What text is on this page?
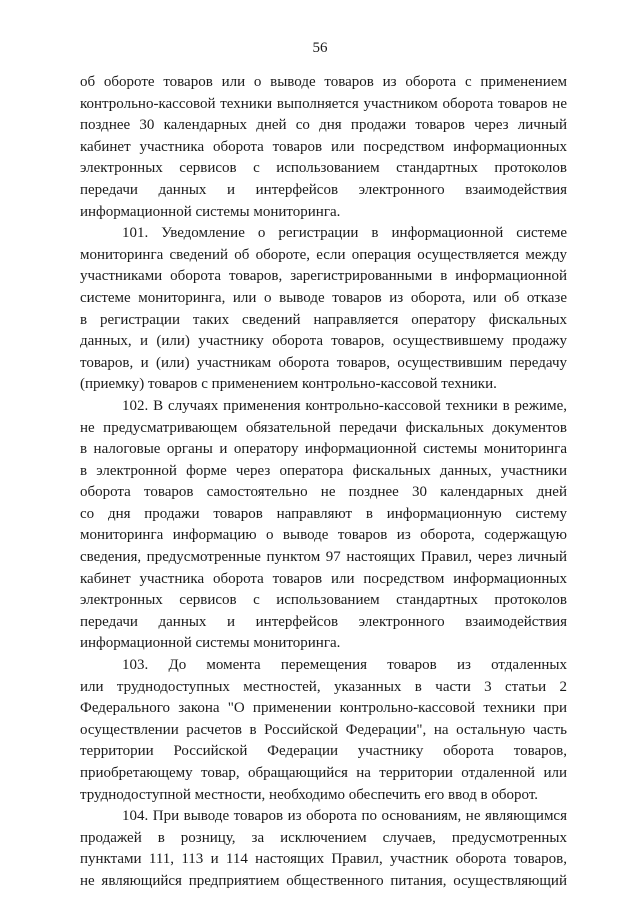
56
об обороте товаров или о выводе товаров из оборота с применением
контрольно-кассовой техники выполняется участником оборота товаров не
позднее 30 календарных дней со дня продажи товаров через личный
кабинет участника оборота товаров или посредством информационных
электронных сервисов с использованием стандартных протоколов
передачи данных и интерфейсов электронного взаимодействия
информационной системы мониторинга.
101. Уведомление о регистрации в информационной системе
мониторинга сведений об обороте, если операция осуществляется между
участниками оборота товаров, зарегистрированными в информационной
системе мониторинга, или о выводе товаров из оборота, или об отказе
в регистрации таких сведений направляется оператору фискальных
данных, и (или) участнику оборота товаров, осуществившему продажу
товаров, и (или) участникам оборота товаров, осуществившим передачу
(приемку) товаров с применением контрольно-кассовой техники.
102. В случаях применения контрольно-кассовой техники в режиме,
не предусматривающем обязательной передачи фискальных документов
в налоговые органы и оператору информационной системы мониторинга
в электронной форме через оператора фискальных данных, участники
оборота товаров самостоятельно не позднее 30 календарных дней
со дня продажи товаров направляют в информационную систему
мониторинга информацию о выводе товаров из оборота, содержащую
сведения, предусмотренные пунктом 97 настоящих Правил, через личный
кабинет участника оборота товаров или посредством информационных
электронных сервисов с использованием стандартных протоколов
передачи данных и интерфейсов электронного взаимодействия
информационной системы мониторинга.
103. До момента перемещения товаров из отдаленных
или труднодоступных местностей, указанных в части 3 статьи 2
Федерального закона "О применении контрольно-кассовой техники при
осуществлении расчетов в Российской Федерации", на остальную часть
территории Российской Федерации участнику оборота товаров,
приобретающему товар, обращающийся на территории отдаленной или
труднодоступной местности, необходимо обеспечить его ввод в оборот.
104. При выводе товаров из оборота по основаниям, не являющимся
продажей в розницу, за исключением случаев, предусмотренных
пунктами 111, 113 и 114 настоящих Правил, участник оборота товаров,
не являющийся предприятием общественного питания, осуществляющий
